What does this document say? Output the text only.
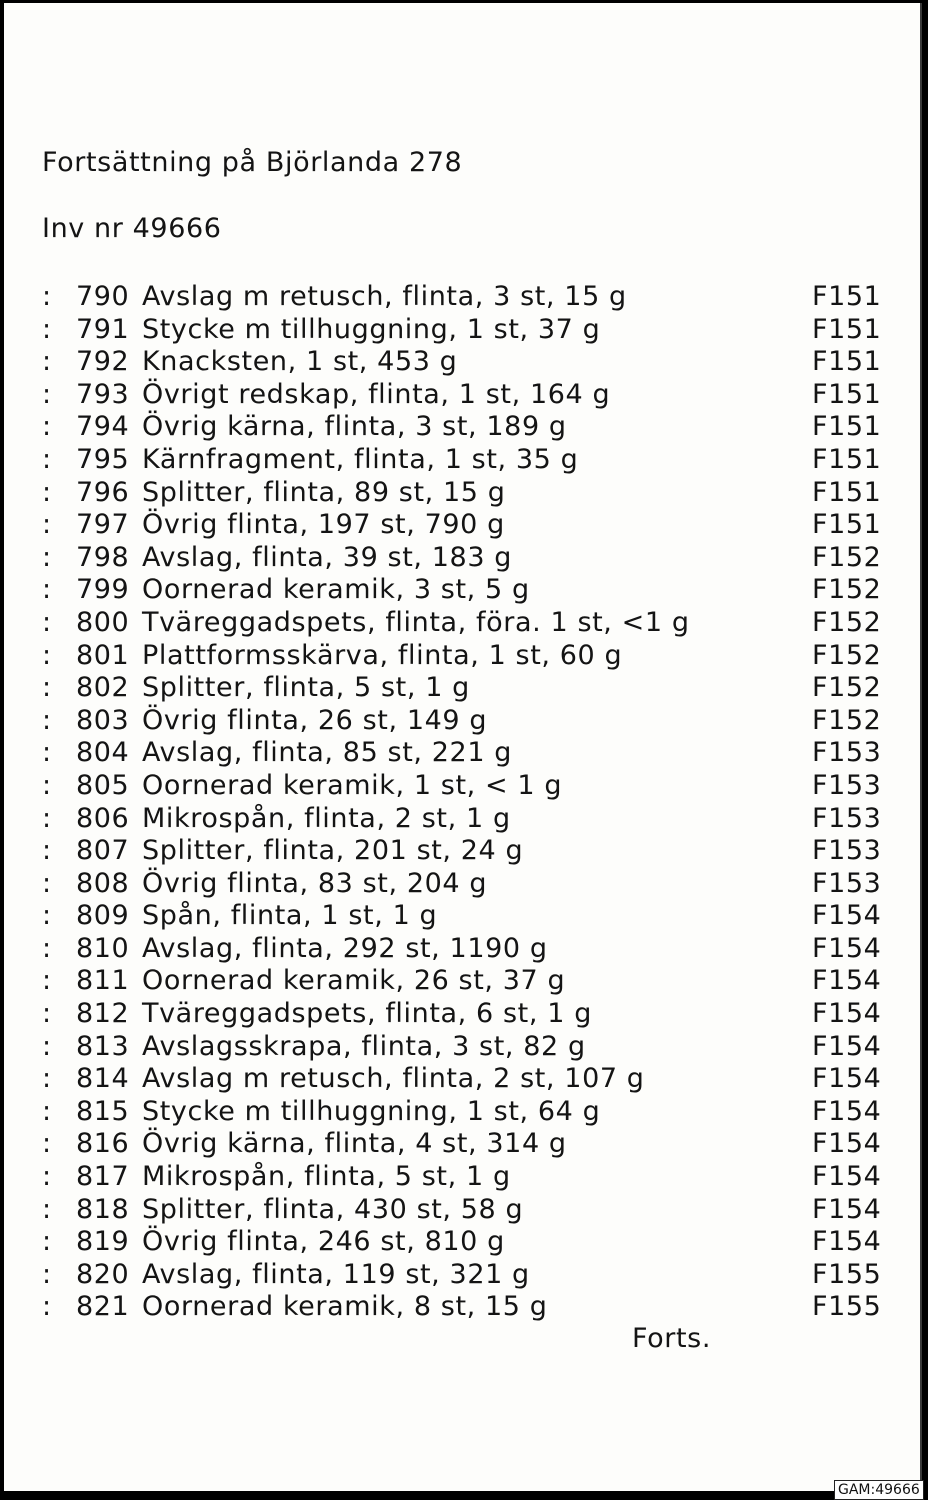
Fortsättning på Björlanda 278
Inv nr 49666
: 790 Avslag m retusch, flinta, 3 st, 15 g	F151
: 791 Stycke m tillhuggning, 1 st, 37 g	F151
: 792 Knacksten, 1 st, 453 g	F151
: 793 Övrigt redskap, flinta, 1 st, 164 g	F151
: 794 Övrig kärna, flinta, 3 st, 189 g	F151
: 795 Kärnfragment, flinta, 1 st, 35 g	F151
: 796 Splitter, flinta, 89 st, 15 g	F151
: 797 Övrig flinta, 197 st, 790 g	F151
: 798 Avslag, flinta, 39 st, 183 g	F152
: 799 Oornerad keramik, 3 st, 5 g	F152
: 800 Tväreggadspets, flinta, föra. 1 st, <1 g	F152
: 801 Plattformsskärva, flinta, 1 st, 60 g	F152
: 802 Splitter, flinta, 5 st, 1 g	F152
: 803 Övrig flinta, 26 st, 149 g	F152
: 804 Avslag, flinta, 85 st, 221 g	F153
: 805 Oornerad keramik, 1 st, < 1 g	F153
: 806 Mikrospån, flinta, 2 st, 1 g	F153
: 807 Splitter, flinta, 201 st, 24 g	F153
: 808 Övrig flinta, 83 st, 204 g	F153
: 809 Spån, flinta, 1 st, 1 g	F154
: 810 Avslag, flinta, 292 st, 1190 g	F154
: 811 Oornerad keramik, 26 st, 37 g	F154
: 812 Tväreggadspets, flinta, 6 st, 1 g	F154
: 813 Avslagsskrapa, flinta, 3 st, 82 g	F154
: 814 Avslag m retusch, flinta, 2 st, 107 g	F154
: 815 Stycke m tillhuggning, 1 st, 64 g	F154
: 816 Övrig kärna, flinta, 4 st, 314 g	F154
: 817 Mikrospån, flinta, 5 st, 1 g	F154
: 818 Splitter, flinta, 430 st, 58 g	F154
: 819 Övrig flinta, 246 st, 810 g	F154
: 820 Avslag, flinta, 119 st, 321 g	F155
: 821 Oornerad keramik, 8 st, 15 g	F155
Forts.
GAM:49666
